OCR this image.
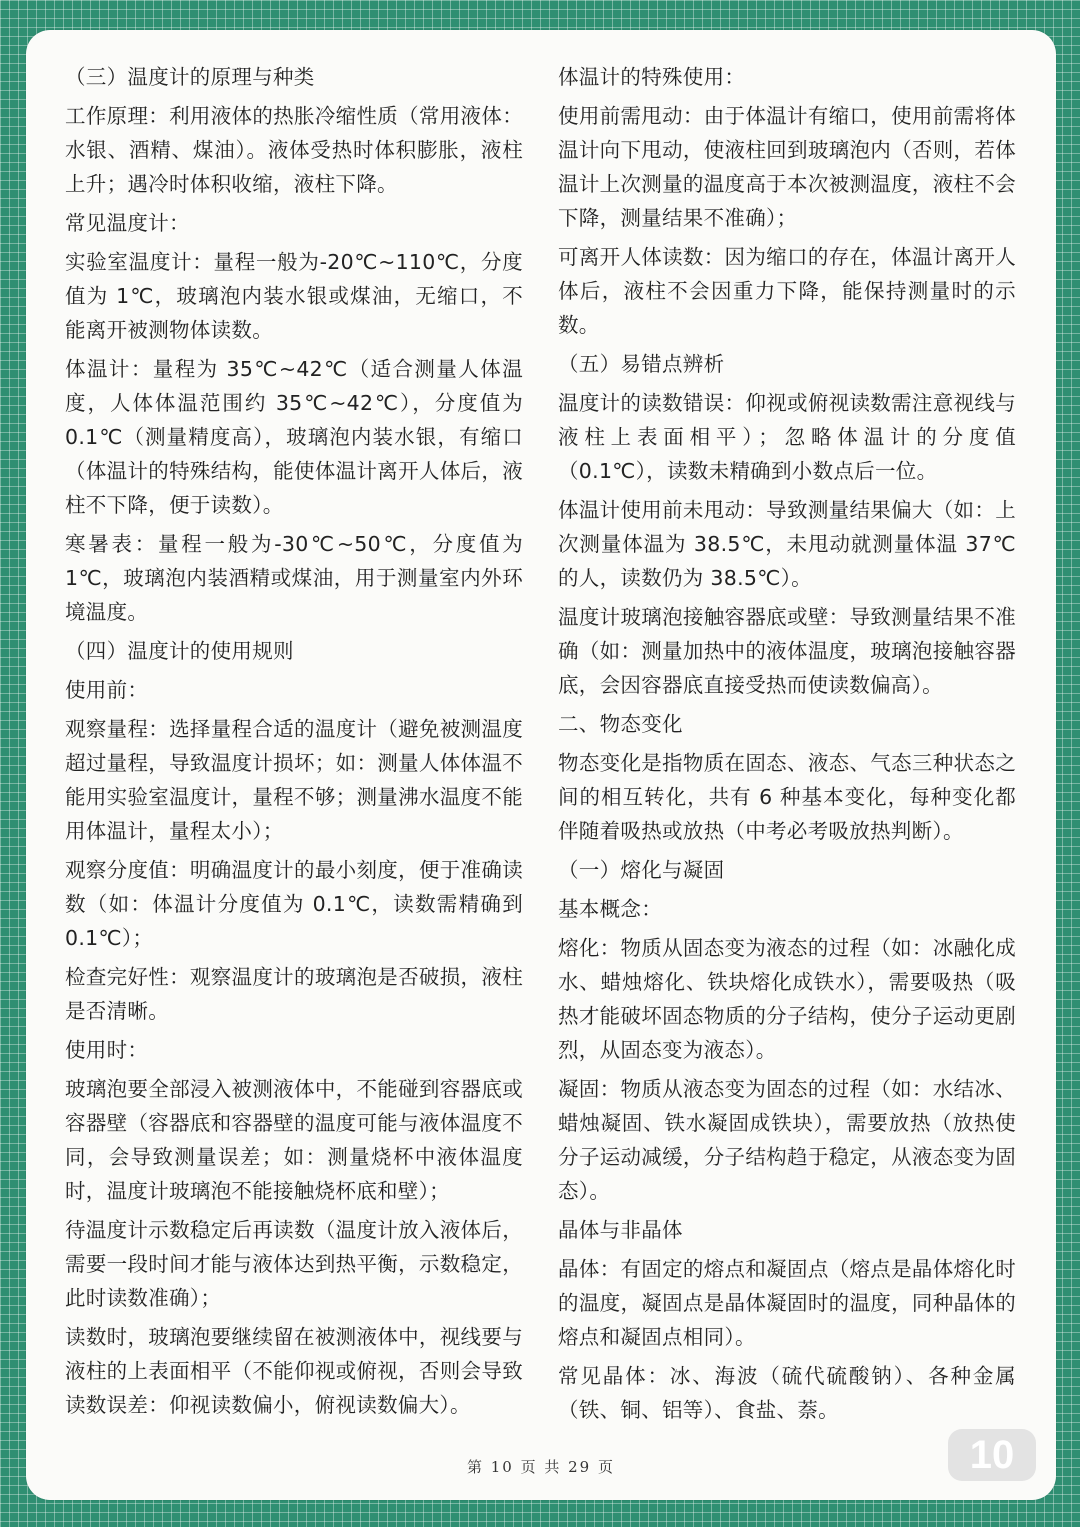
（三）温度计的原理与种类

工作原理：利用液体的热胀冷缩性质（常用液体：水银、酒精、煤油）。液体受热时体积膨胀，液柱上升；遇冷时体积收缩，液柱下降。

常见温度计：

实验室温度计：量程一般为-20℃~110℃，分度值为 1℃，玻璃泡内装水银或煤油，无缩口，不能离开被测物体读数。

体温计：量程为 35℃~42℃（适合测量人体温度，人体体温范围约 35℃~42℃），分度值为 0.1℃（测量精度高），玻璃泡内装水银，有缩口（体温计的特殊结构，能使体温计离开人体后，液柱不下降，便于读数）。

寒暑表：量程一般为-30℃~50℃，分度值为 1℃，玻璃泡内装酒精或煤油，用于测量室内外环境温度。

（四）温度计的使用规则

使用前：

观察量程：选择量程合适的温度计（避免被测温度超过量程，导致温度计损坏；如：测量人体体温不能用实验室温度计，量程不够；测量沸水温度不能用体温计，量程太小）；

观察分度值：明确温度计的最小刻度，便于准确读数（如：体温计分度值为 0.1℃，读数需精确到 0.1℃）；

检查完好性：观察温度计的玻璃泡是否破损，液柱是否清晰。

使用时：

玻璃泡要全部浸入被测液体中，不能碰到容器底或容器壁（容器底和容器壁的温度可能与液体温度不同，会导致测量误差；如：测量烧杯中液体温度时，温度计玻璃泡不能接触烧杯底和壁）；

待温度计示数稳定后再读数（温度计放入液体后，需要一段时间才能与液体达到热平衡，示数稳定，此时读数准确）；

读数时，玻璃泡要继续留在被测液体中，视线要与液柱的上表面相平（不能仰视或俯视，否则会导致读数误差：仰视读数偏小，俯视读数偏大）。

体温计的特殊使用：

使用前需甩动：由于体温计有缩口，使用前需将体温计向下甩动，使液柱回到玻璃泡内（否则，若体温计上次测量的温度高于本次被测温度，液柱不会下降，测量结果不准确）；

可离开人体读数：因为缩口的存在，体温计离开人体后，液柱不会因重力下降，能保持测量时的示数。

（五）易错点辨析

温度计的读数错误：仰视或俯视读数需注意视线与液柱上表面相平）；忽略体温计的分度值（0.1℃），读数未精确到小数点后一位。

体温计使用前未甩动：导致测量结果偏大（如：上次测量体温为 38.5℃，未甩动就测量体温 37℃的人，读数仍为 38.5℃）。

温度计玻璃泡接触容器底或壁：导致测量结果不准确（如：测量加热中的液体温度，玻璃泡接触容器底，会因容器底直接受热而使读数偏高）。

二、物态变化

物态变化是指物质在固态、液态、气态三种状态之间的相互转化，共有 6 种基本变化，每种变化都伴随着吸热或放热（中考必考吸放热判断）。

（一）熔化与凝固

基本概念：

熔化：物质从固态变为液态的过程（如：冰融化成水、蜡烛熔化、铁块熔化成铁水），需要吸热（吸热才能破坏固态物质的分子结构，使分子运动更剧烈，从固态变为液态）。

凝固：物质从液态变为固态的过程（如：水结冰、蜡烛凝固、铁水凝固成铁块），需要放热（放热使分子运动减缓，分子结构趋于稳定，从液态变为固态）。

晶体与非晶体

晶体：有固定的熔点和凝固点（熔点是晶体熔化时的温度，凝固点是晶体凝固时的温度，同种晶体的熔点和凝固点相同）。

常见晶体：冰、海波（硫代硫酸钠）、各种金属（铁、铜、铝等）、食盐、萘。

第 10 页 共 29 页	10
